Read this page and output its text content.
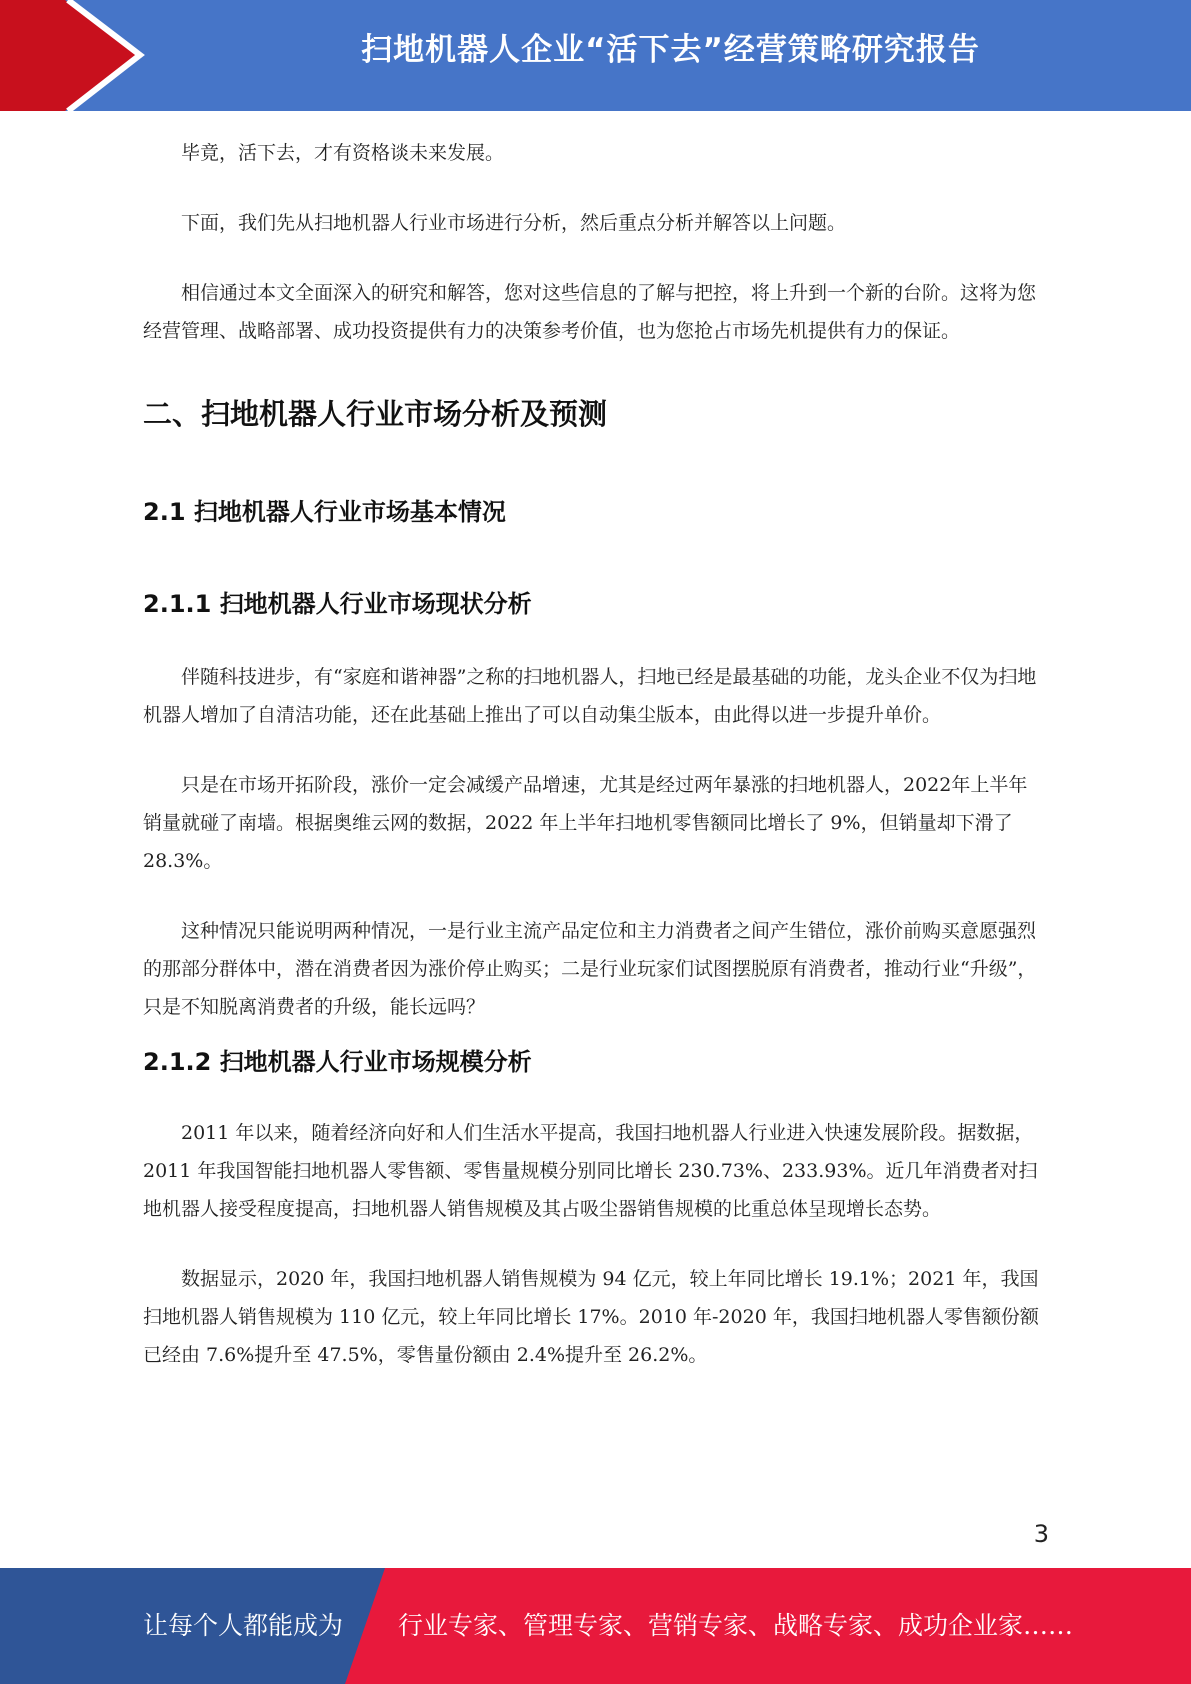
扫地机器人企业“活下去”经营策略研究报告

毕竟，活下去，才有资格谈未来发展。

下面，我们先从扫地机器人行业市场进行分析，然后重点分析并解答以上问题。

相信通过本文全面深入的研究和解答，您对这些信息的了解与把控，将上升到一个新的台阶。这将为您经营管理、战略部署、成功投资提供有力的决策参考价值，也为您抢占市场先机提供有力的保证。

二、扫地机器人行业市场分析及预测
2.1 扫地机器人行业市场基本情况
2.1.1 扫地机器人行业市场现状分析

伴随科技进步，有“家庭和谐神器”之称的扫地机器人，扫地已经是最基础的功能，龙头企业不仅为扫地机器人增加了自清洁功能，还在此基础上推出了可以自动集尘版本，由此得以进一步提升单价。

只是在市场开拓阶段，涨价一定会减缓产品增速，尤其是经过两年暴涨的扫地机器人，2022年上半年销量就碰了南墙。根据奥维云网的数据，2022 年上半年扫地机零售额同比增长了 9%，但销量却下滑了 28.3%。

这种情况只能说明两种情况，一是行业主流产品定位和主力消费者之间产生错位，涨价前购买意愿强烈的那部分群体中，潜在消费者因为涨价停止购买；二是行业玩家们试图摆脱原有消费者，推动行业“升级”，只是不知脱离消费者的升级，能长远吗？

2.1.2 扫地机器人行业市场规模分析

2011 年以来，随着经济向好和人们生活水平提高，我国扫地机器人行业进入快速发展阶段。据数据，2011 年我国智能扫地机器人零售额、零售量规模分别同比增长 230.73%、233.93%。近几年消费者对扫地机器人接受程度提高，扫地机器人销售规模及其占吸尘器销售规模的比重总体呈现增长态势。

数据显示，2020 年，我国扫地机器人销售规模为 94 亿元，较上年同比增长 19.1%；2021 年，我国扫地机器人销售规模为 110 亿元，较上年同比增长 17%。2010 年-2020 年，我国扫地机器人零售额份额已经由 7.6%提升至 47.5%，零售量份额由 2.4%提升至 26.2%。

3
让每个人都能成为 行业专家、管理专家、营销专家、战略专家、成功企业家……
